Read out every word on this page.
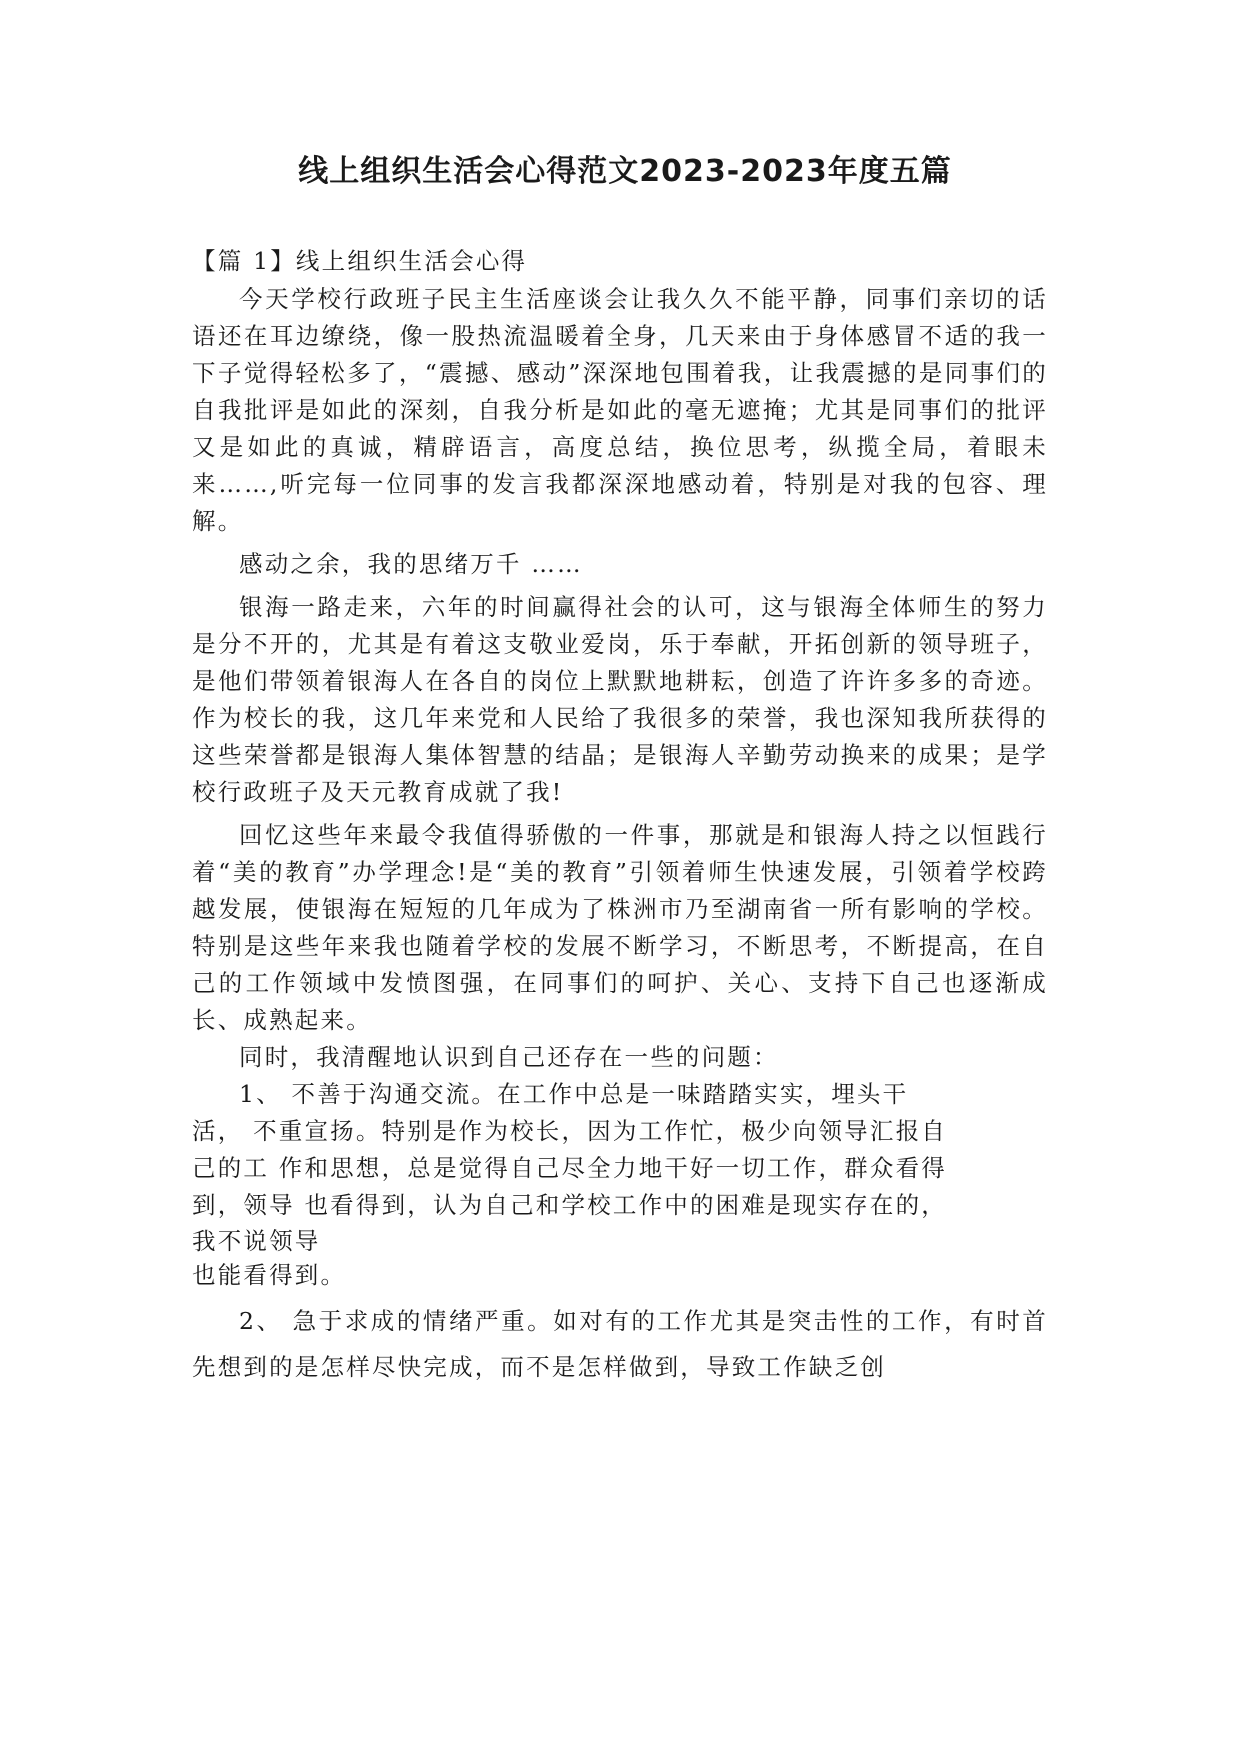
线上组织生活会心得范文2023-2023年度五篇

【篇 1】线上组织生活会心得

今天学校行政班子民主生活座谈会让我久久不能平静，同事们亲切的话语还在耳边缭绕，像一股热流温暖着全身，几天来由于身体感冒不适的我一下子觉得轻松多了，“震撼、感动”深深地包围着我，让我震撼的是同事们的自我批评是如此的深刻，自我分析是如此的毫无遮掩；尤其是同事们的批评又是如此的真诚，精辟语言，高度总结，换位思考，纵揽全局，着眼未来……,听完每一位同事的发言我都深深地感动着，特别是对我的包容、理解。

感动之余，我的思绪万千 ……

银海一路走来，六年的时间赢得社会的认可，这与银海全体师生的努力是分不开的，尤其是有着这支敬业爱岗，乐于奉献，开拓创新的领导班子，是他们带领着银海人在各自的岗位上默默地耕耘，创造了许许多多的奇迹。作为校长的我，这几年来党和人民给了我很多的荣誉，我也深知我所获得的这些荣誉都是银海人集体智慧的结晶；是银海人辛勤劳动换来的成果；是学校行政班子及天元教育成就了我!

回忆这些年来最令我值得骄傲的一件事，那就是和银海人持之以恒践行着“美的教育”办学理念!是“美的教育”引领着师生快速发展，引领着学校跨越发展，使银海在短短的几年成为了株洲市乃至湖南省一所有影响的学校。特别是这些年来我也随着学校的发展不断学习，不断思考，不断提高，在自己的工作领域中发愤图强，在同事们的呵护、关心、支持下自己也逐渐成长、成熟起来。

同时，我清醒地认识到自己还存在一些的问题：

1、 不善于沟通交流。在工作中总是一味踏踏实实，埋头干

活， 不重宣扬。特别是作为校长，因为工作忙，极少向领导汇报自

己的工 作和思想，总是觉得自己尽全力地干好一切工作，群众看得

到，领导 也看得到，认为自己和学校工作中的困难是现实存在的，

我不说领导

也能看得到。

2、 急于求成的情绪严重。如对有的工作尤其是突击性的工作，有时首先想到的是怎样尽快完成，而不是怎样做到，导致工作缺乏创
